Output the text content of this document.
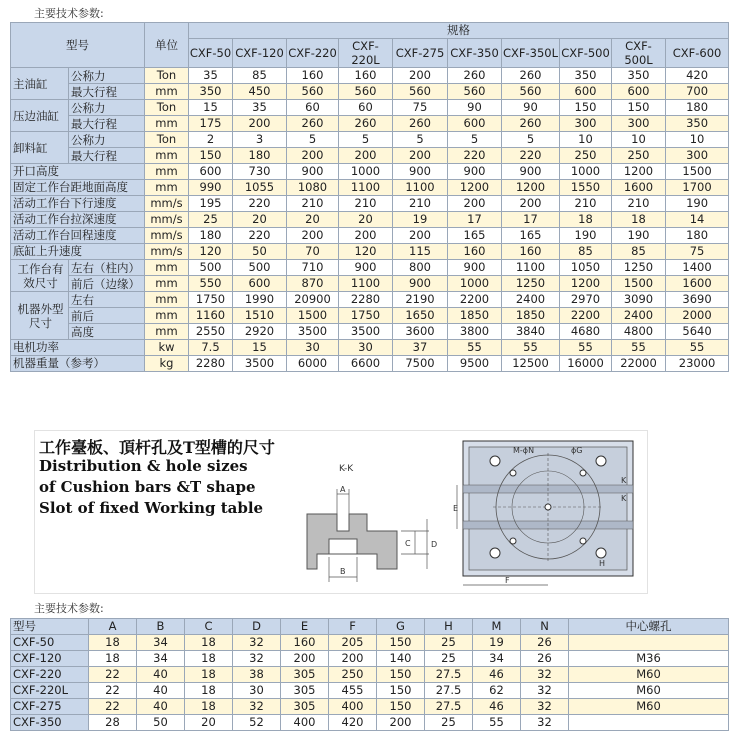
主要技术参数:
型号		单位	规格									
			CXF-50	CXF-120	CXF-220	CXF-220L	CXF-275	CXF-350	CXF-350L	CXF-500	CXF-500L	CXF-600
主油缸	公称力	Ton	35	85	160	160	200	260	260	350	350	420
	最大行程	mm	350	450	560	560	560	560	560	600	600	700
压边油缸	公称力	Ton	15	35	60	60	75	90	90	150	150	180
	最大行程	mm	175	200	260	260	260	600	260	300	300	350
卸料缸	公称力	Ton	2	3	5	5	5	5	5	10	10	10
	最大行程	mm	150	180	200	200	200	220	220	250	250	300
开口高度		mm	600	730	900	1000	900	900	900	1000	1200	1500
固定工作台距地面高度		mm	990	1055	1080	1100	1100	1200	1200	1550	1600	1700
活动工作台下行速度		mm/s	195	220	210	210	210	200	200	210	210	190
活动工作台拉深速度		mm/s	25	20	20	20	19	17	17	18	18	14
活动工作台回程速度		mm/s	180	220	200	200	200	165	165	190	190	180
底缸上升速度		mm/s	120	50	70	120	115	160	160	85	85	75
工作台有效尺寸	左右（柱内）	mm	500	500	710	900	800	900	1100	1050	1250	1400
	前后（边缘）	mm	550	600	870	1100	900	1000	1250	1200	1500	1600
机器外型尺寸	左右	mm	1750	1990	20900	2280	2190	2200	2400	2970	3090	3690
	前后	mm	1160	1510	1500	1750	1650	1850	1850	2200	2400	2000
	高度	mm	2550	2920	3500	3500	3600	3800	3840	4680	4800	5640
电机功率		kw	7.5	15	30	30	37	55	55	55	55	55
机器重量（参考）		kg	2280	3500	6000	6600	7500	9500	12500	16000	22000	23000
工作臺板、頂杆孔及T型槽的尺寸
Distribution & hole sizes
of Cushion bars &T shape
Slot of fixed Working table
K-K
A
B
C	D
M-ϕN	ϕG
K
K
H
E
F
主要技术参数:
型号	A	B	C	D	E	F	G	H	M	N	中心螺孔
CXF-50	18	34	18	32	160	205	150	25	19	26	
CXF-120	18	34	18	32	200	200	140	25	34	26	M36
CXF-220	22	40	18	38	305	250	150	27.5	46	32	M60
CXF-220L	22	40	18	30	305	455	150	27.5	62	32	M60
CXF-275	22	40	18	32	305	400	150	27.5	46	32	M60
CXF-350	28	50	20	52	400	420	200	25	55	32	
